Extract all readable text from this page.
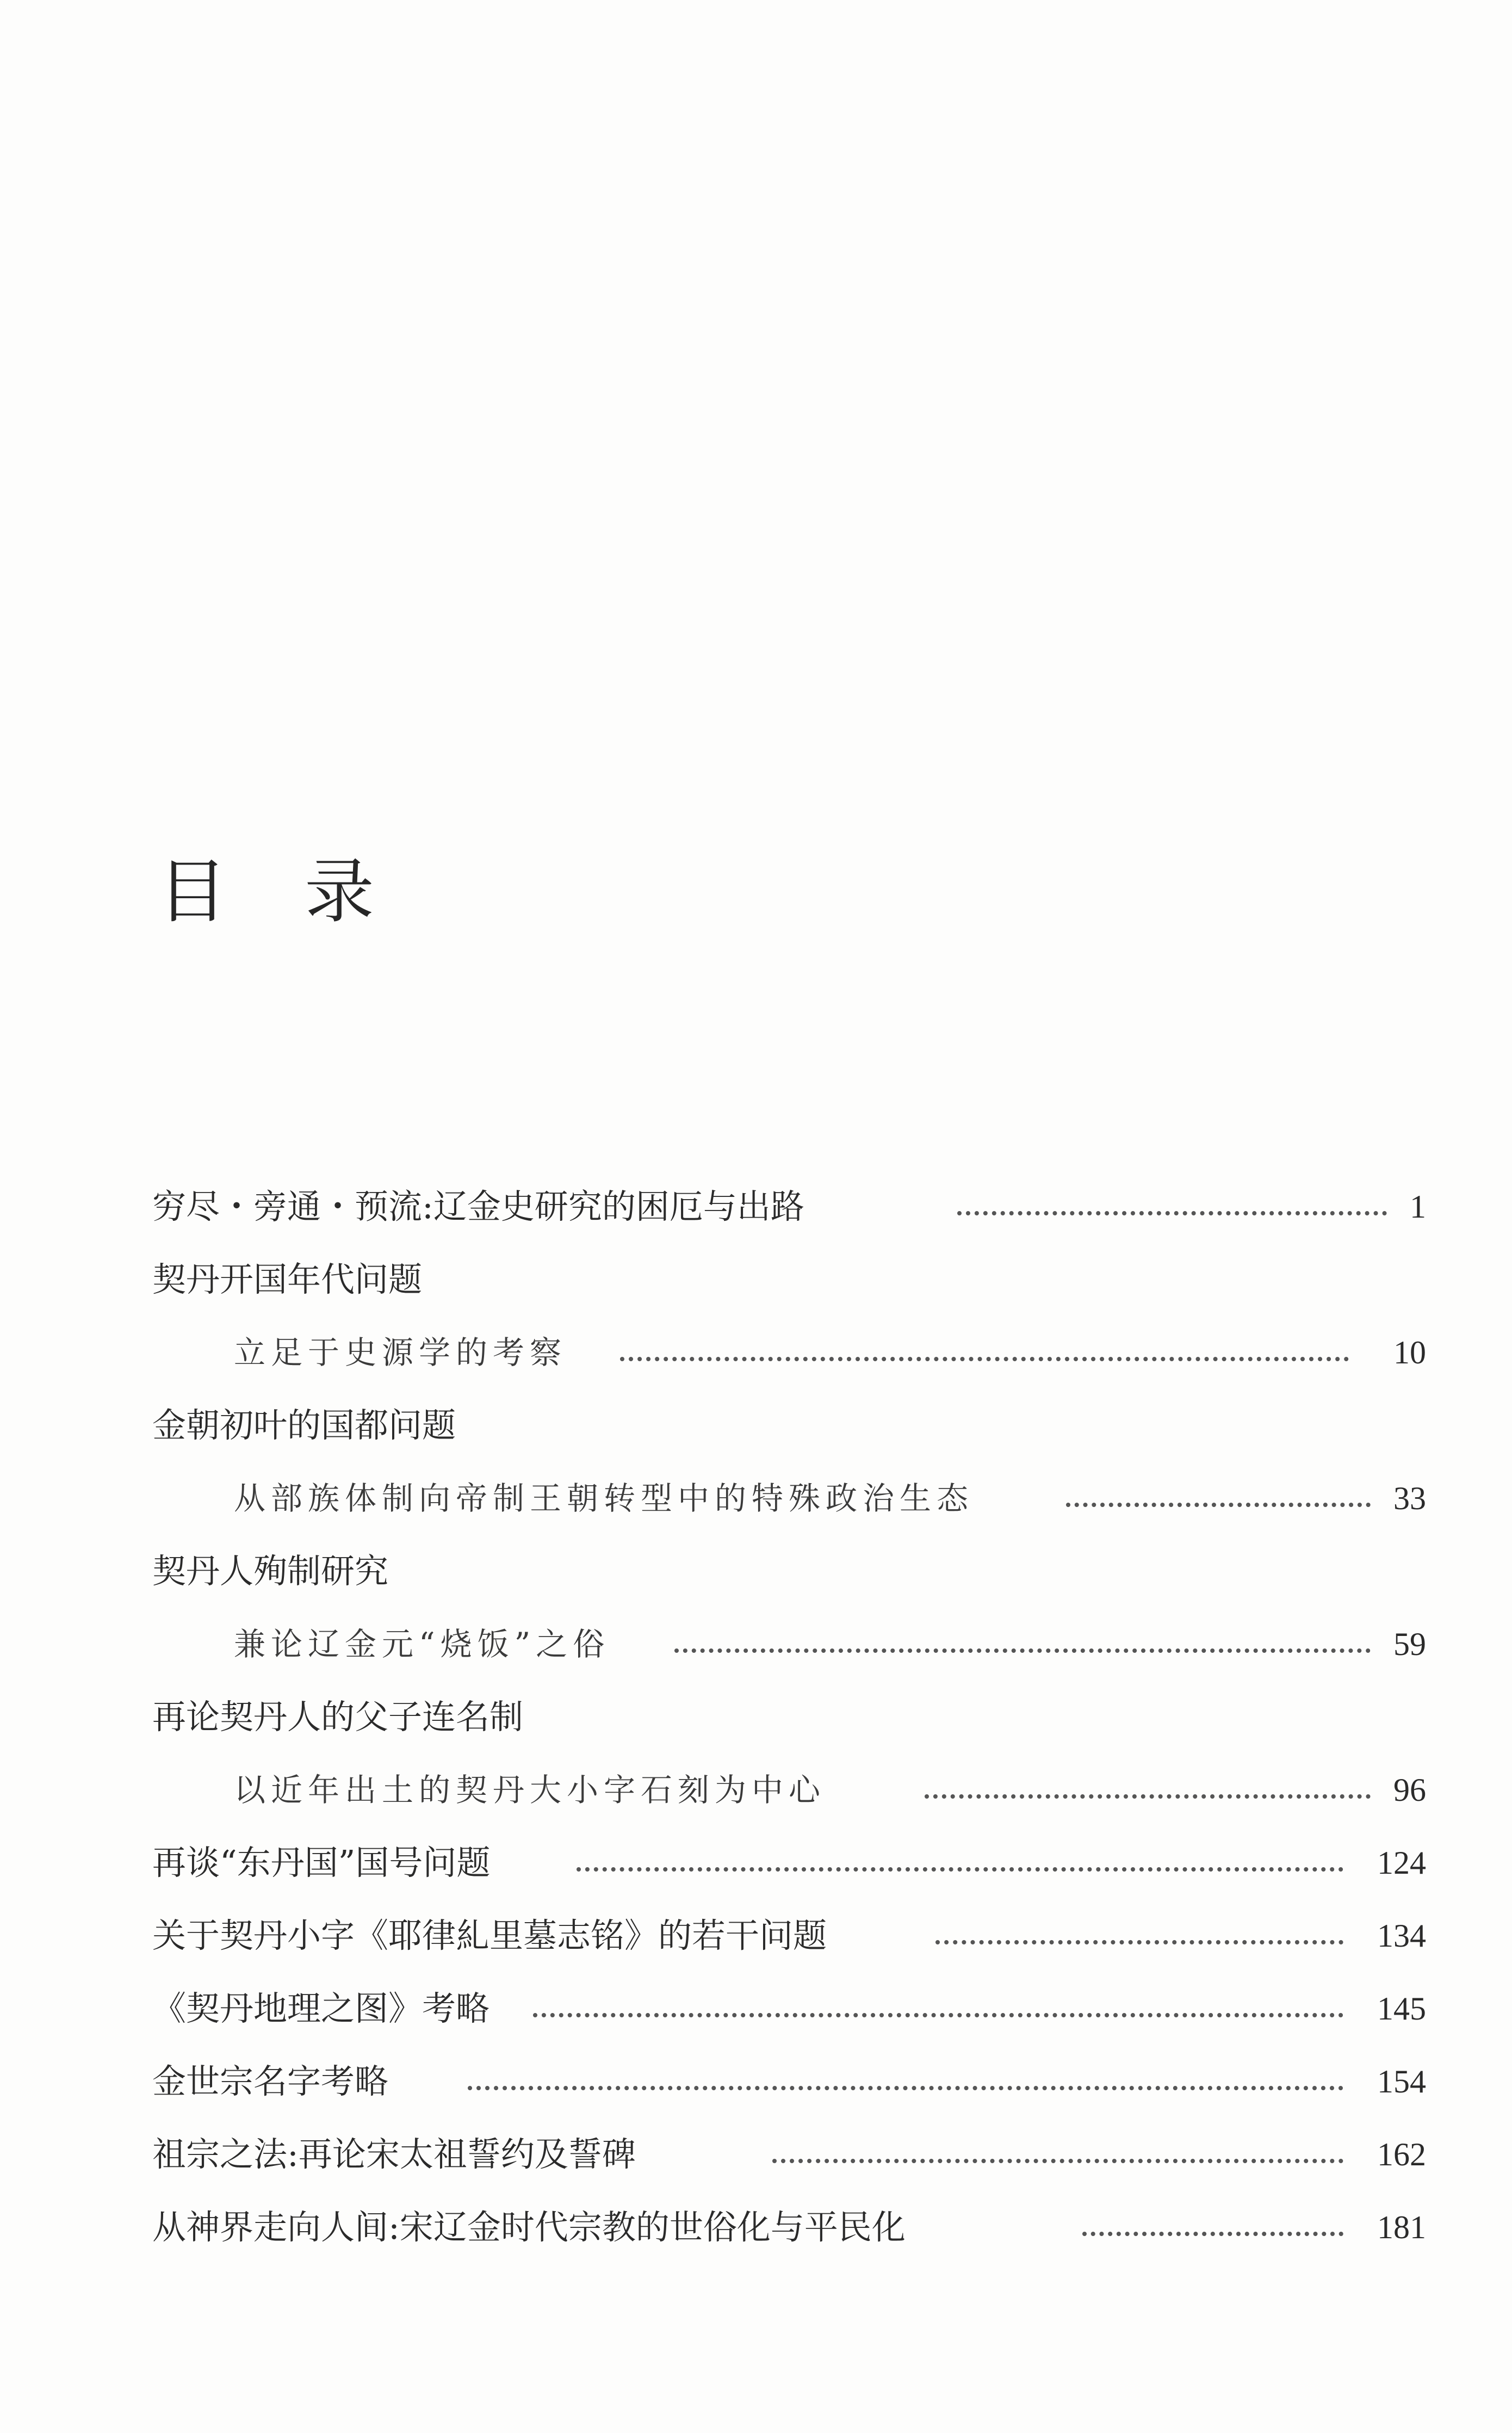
目 录
穷尽・旁通・预流:辽金史研究的困厄与出路	1
契丹开国年代问题
立足于史源学的考察	10
金朝初叶的国都问题
从部族体制向帝制王朝转型中的特殊政治生态	33
契丹人殉制研究
兼论辽金元“烧饭”之俗	59
再论契丹人的父子连名制
以近年出土的契丹大小字石刻为中心	96
再谈“东丹国”国号问题	124
关于契丹小字《耶律糺里墓志铭》的若干问题	134
《契丹地理之图》考略	145
金世宗名字考略	154
祖宗之法:再论宋太祖誓约及誓碑	162
从神界走向人间:宋辽金时代宗教的世俗化与平民化	181
